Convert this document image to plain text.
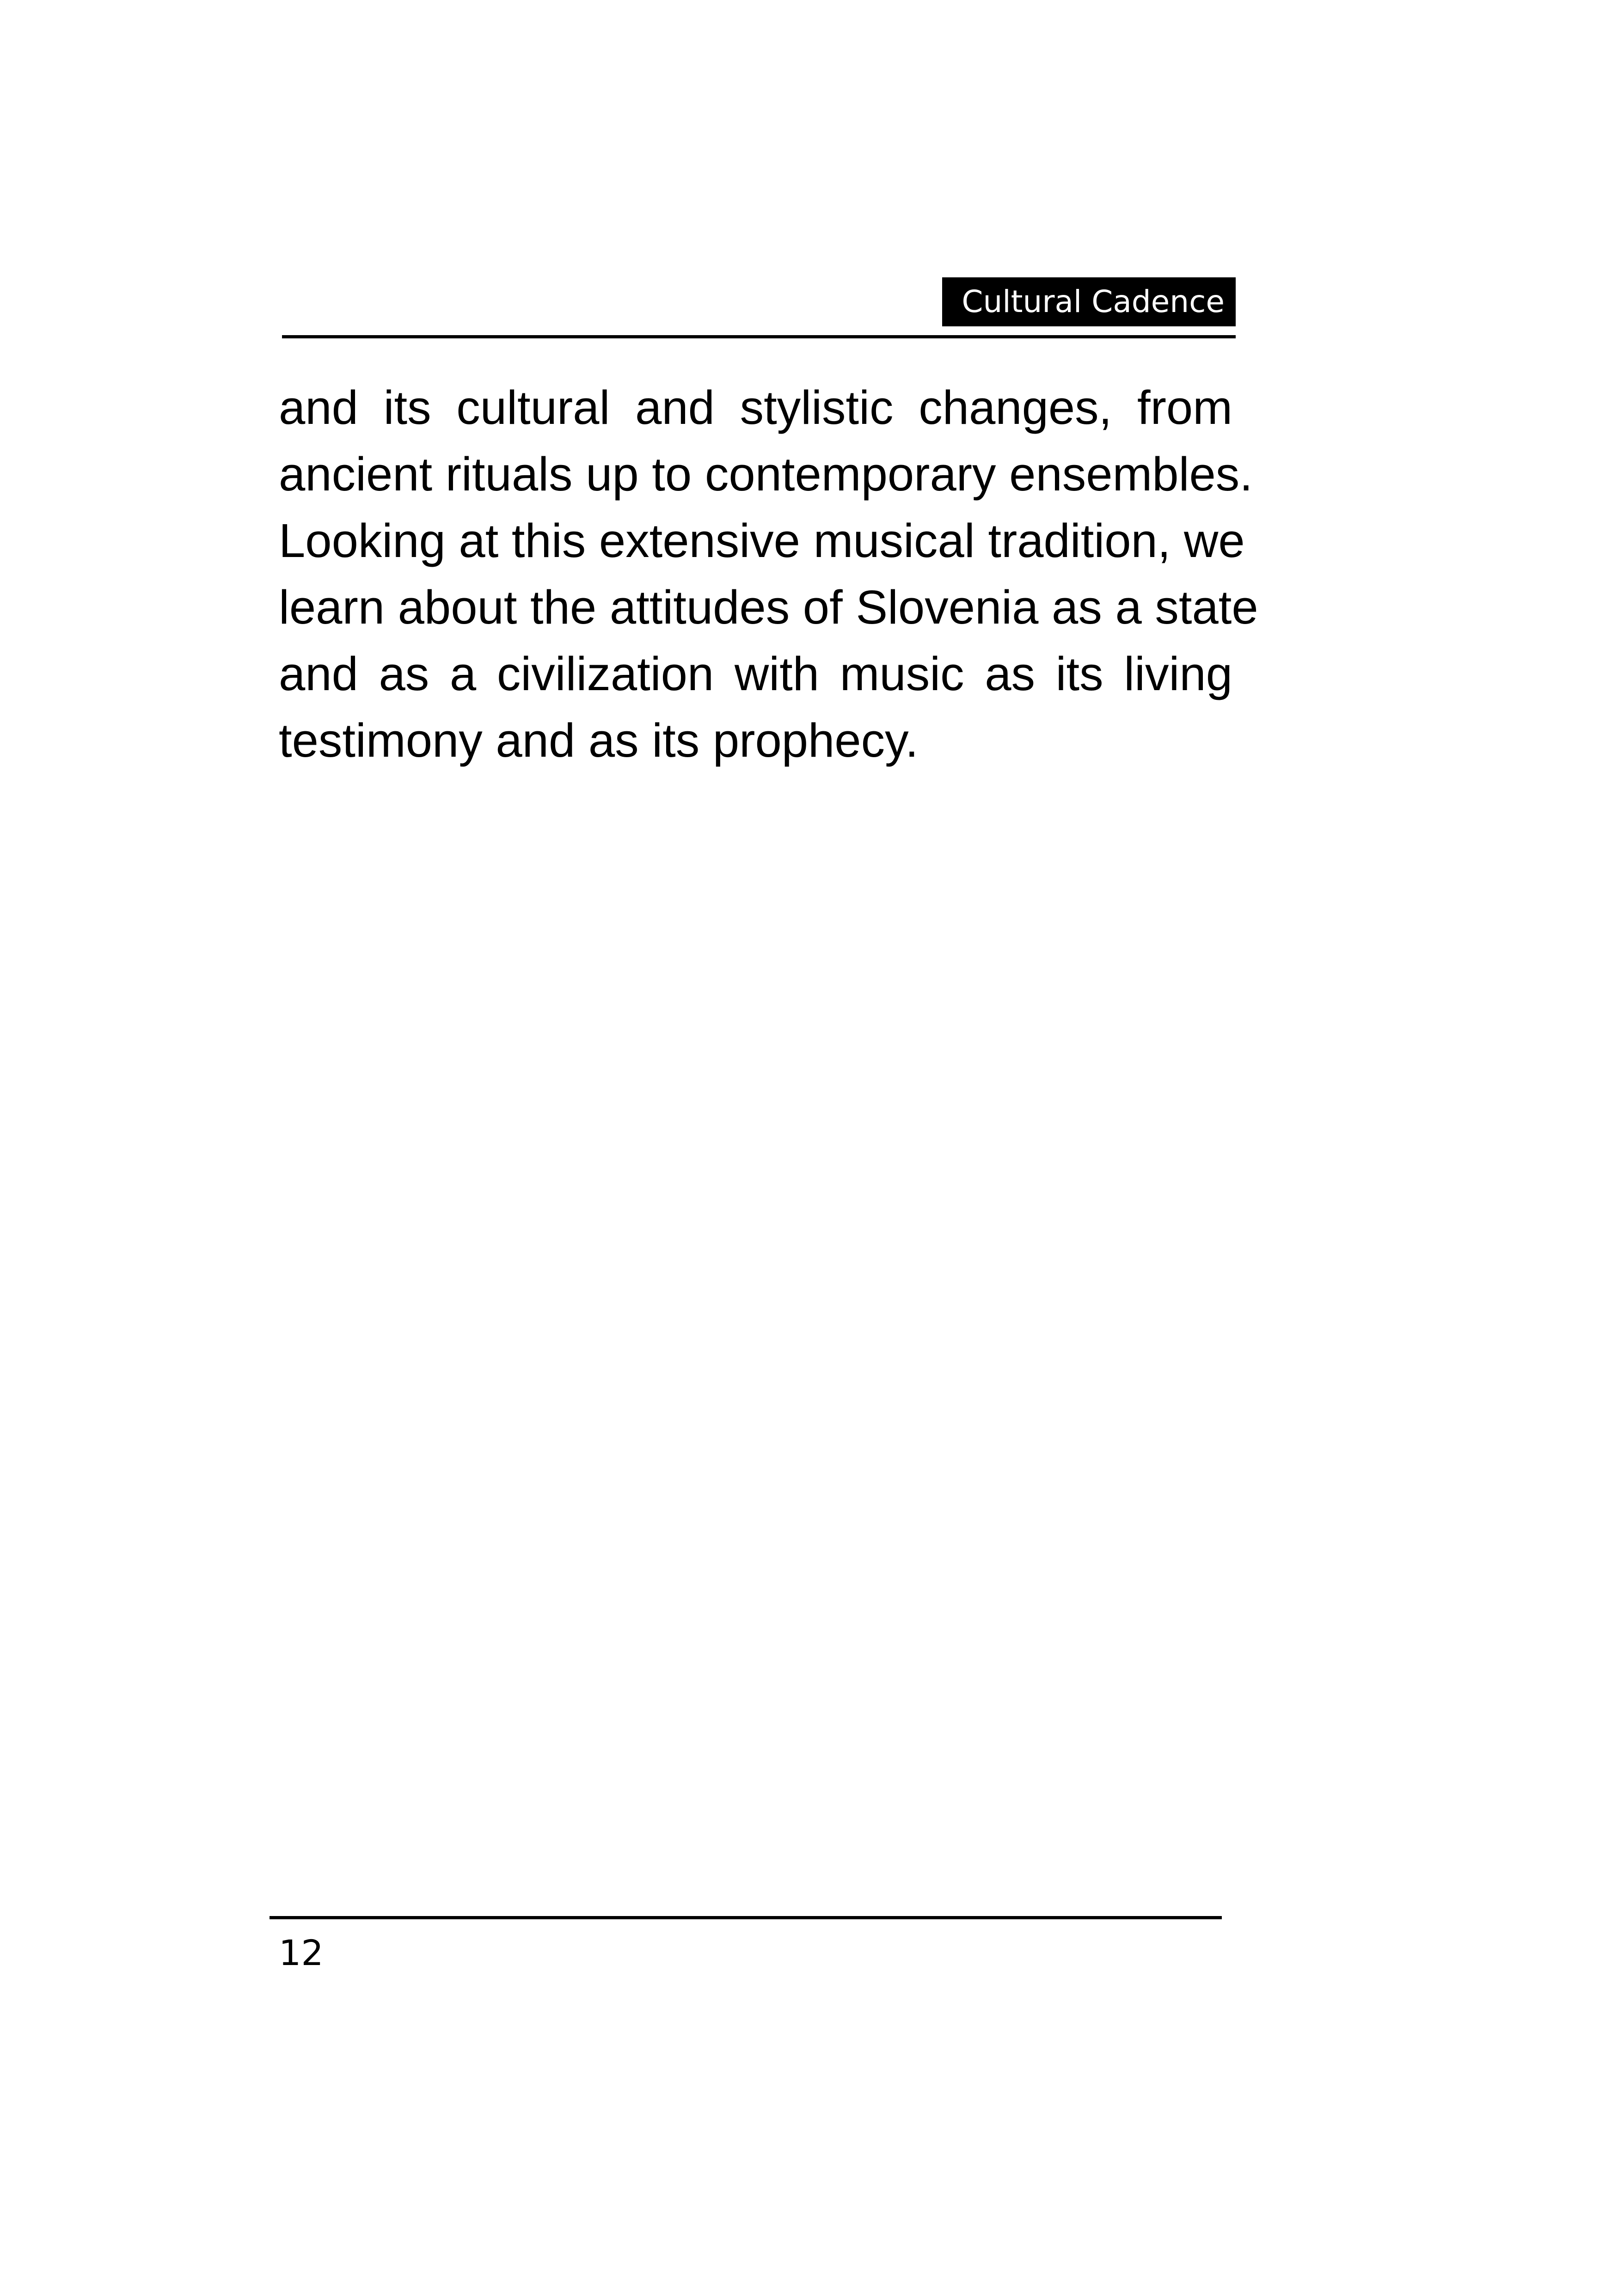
Cultural Cadence
and its cultural and stylistic changes, from
ancient rituals up to contemporary ensembles.
Looking at this extensive musical tradition, we
learn about the attitudes of Slovenia as a state
and as a civilization with music as its living
testimony and as its prophecy.
12
